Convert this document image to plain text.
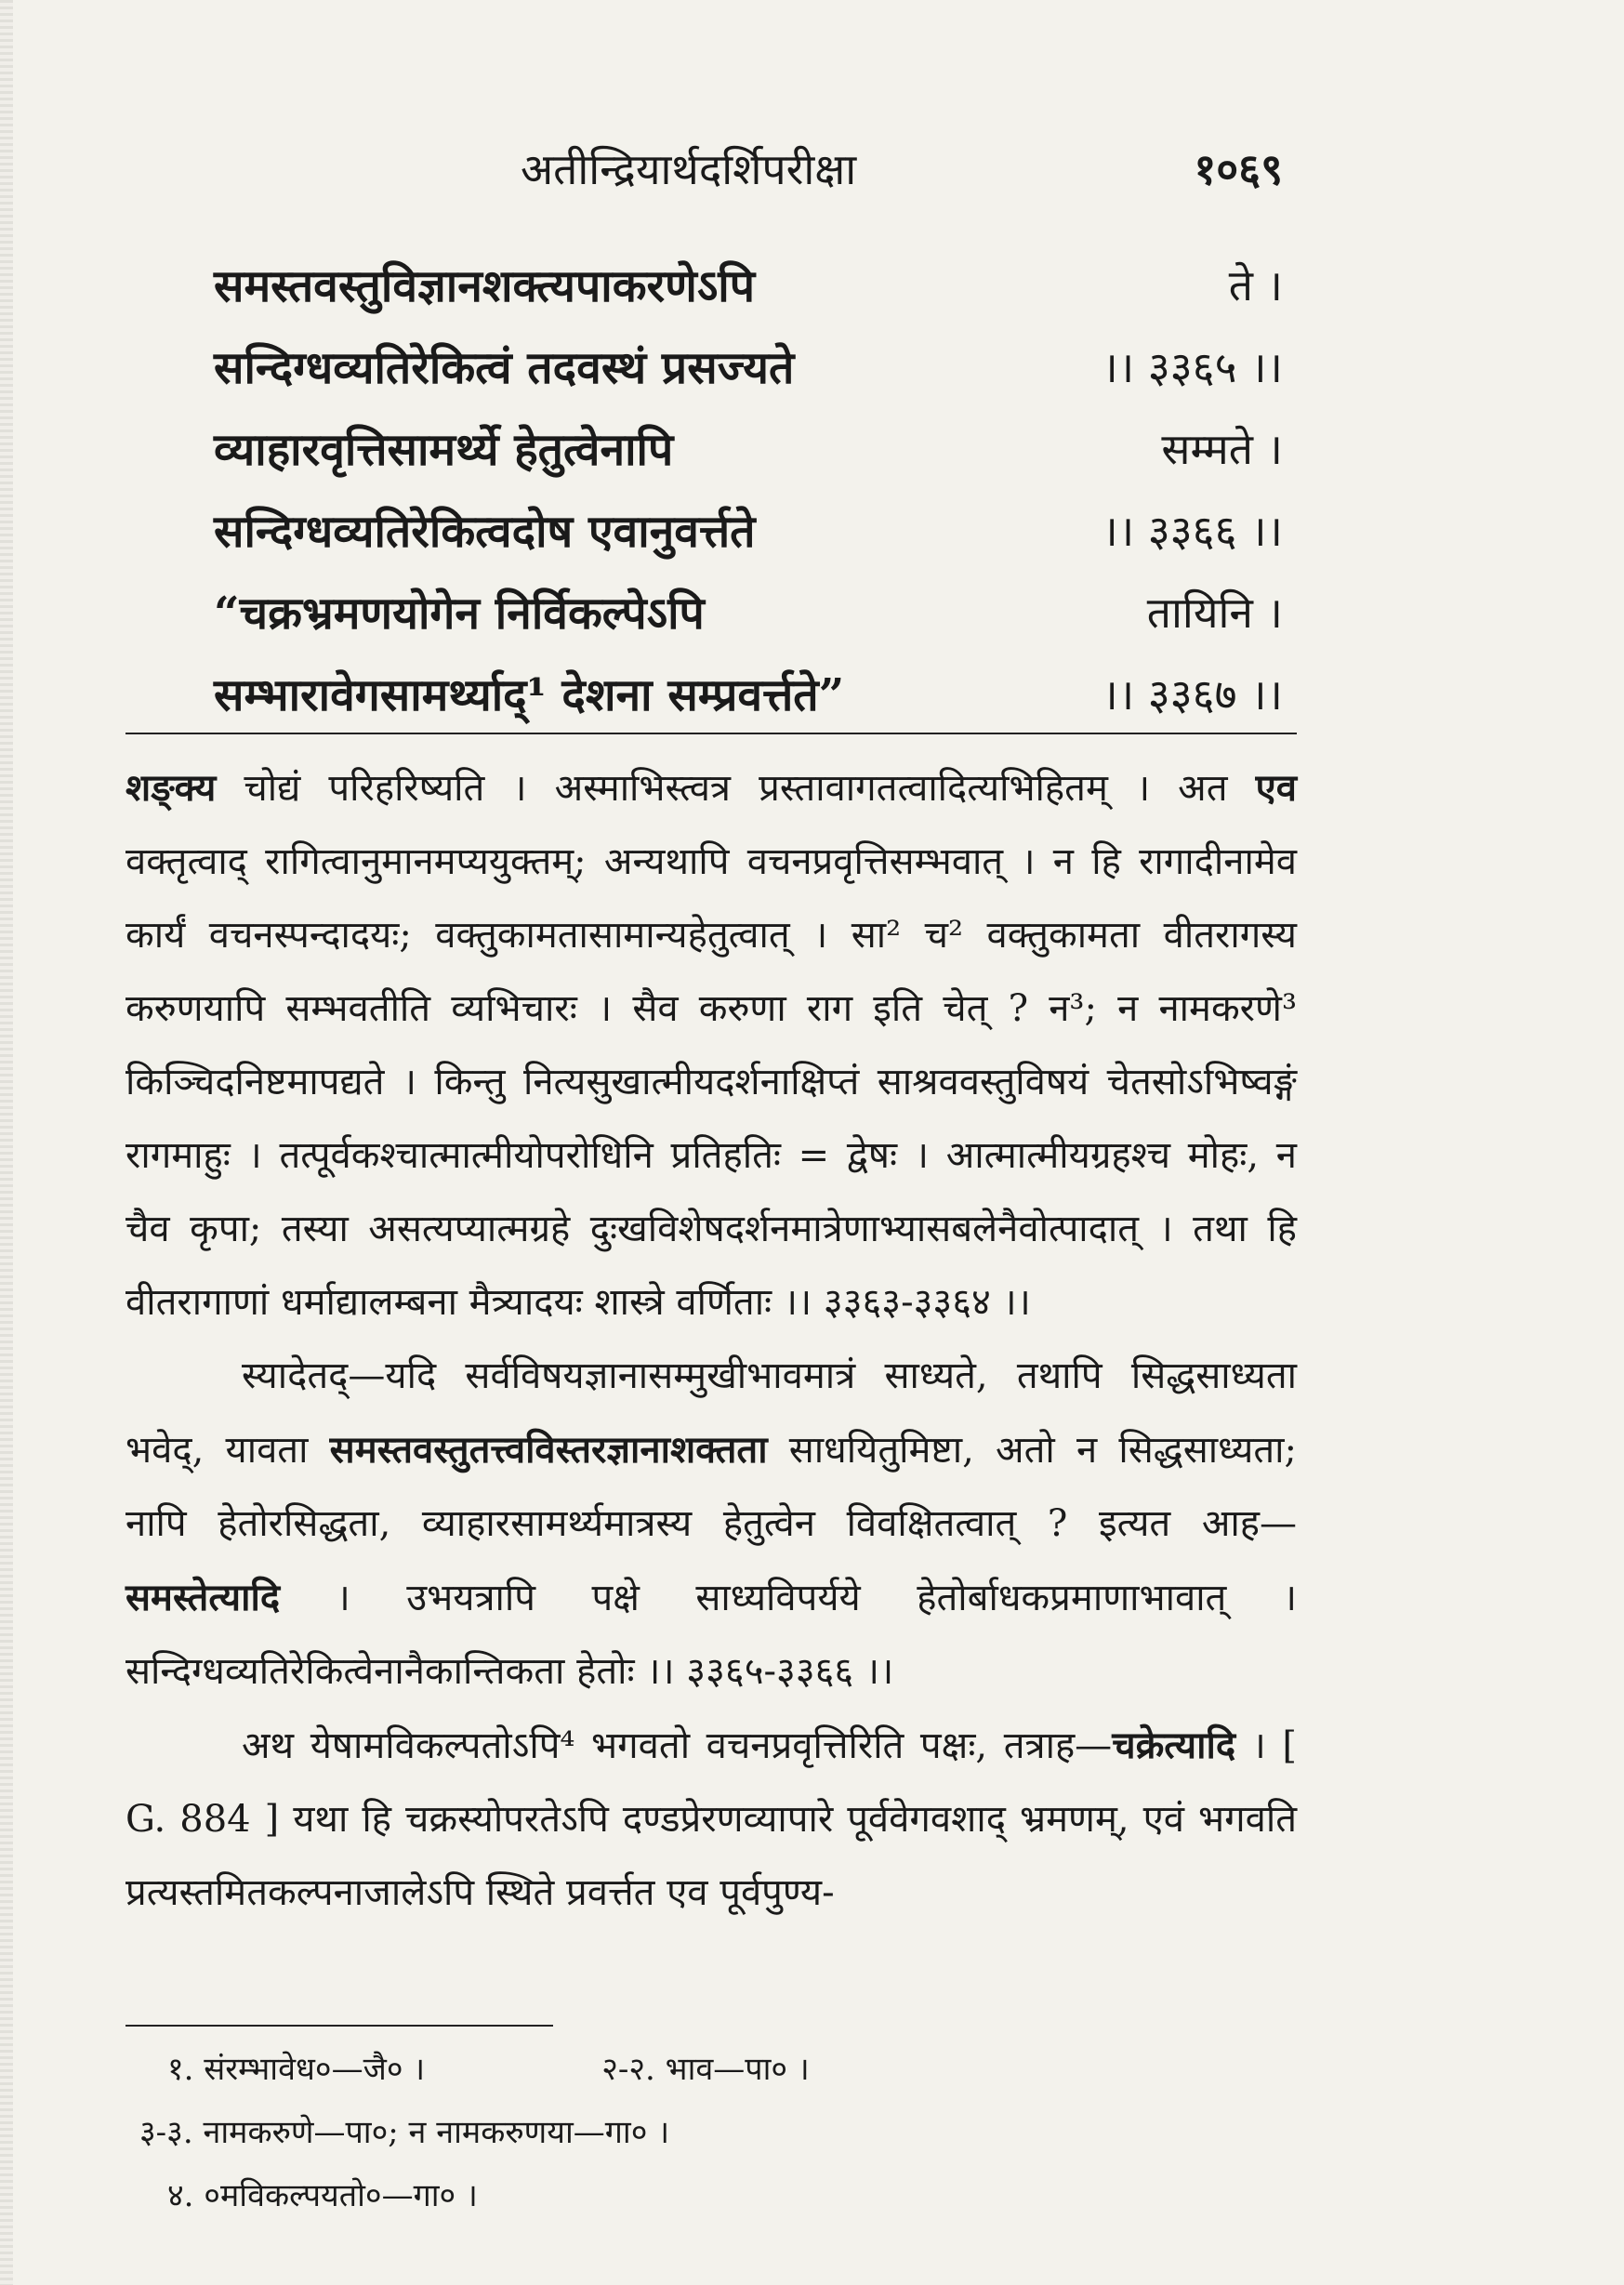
अतीन्द्रियार्थदर्शिपरीक्षा	१०६९
समस्तवस्तुविज्ञानशक्त्यपाकरणेऽपि	ते ।
सन्दिग्धव्यतिरेकित्वं तदवस्थं प्रसज्यते	।। ३३६५ ।।
व्याहारवृत्तिसामर्थ्ये हेतुत्वेनापि	सम्मते ।
सन्दिग्धव्यतिरेकित्वदोष एवानुवर्त्तते	।। ३३६६ ।।
“चक्रभ्रमणयोगेन निर्विकल्पेऽपि	तायिनि ।
सम्भारावेगसामर्थ्याद्¹ देशना सम्प्रवर्त्तते”	।। ३३६७ ।।

शङ्क्य चोद्यं परिहरिष्यति । अस्माभिस्त्वत्र प्रस्तावागतत्वादित्यभिहितम् । अत एव वक्तृत्वाद् रागित्वानुमानमप्ययुक्तम्; अन्यथापि वचनप्रवृत्तिसम्भवात् । न हि रागादीनामेव कार्यं वचनस्पन्दादयः; वक्तुकामतासामान्यहेतुत्वात् । सा² च² वक्तुकामता वीतरागस्य करुणयापि सम्भवतीति व्यभिचारः । सैव करुणा राग इति चेत् ? न³; न नामकरणे³ किञ्चिदनिष्टमापद्यते । किन्तु नित्यसुखात्मीयदर्शनाक्षिप्तं साश्रववस्तुविषयं चेतसोऽभिष्वङ्गं रागमाहुः । तत्पूर्वकश्चात्मात्मीयोपरोधिनि प्रतिहतिः = द्वेषः । आत्मात्मीयग्रहश्च मोहः, न चैव कृपा; तस्या असत्यप्यात्मग्रहे दुःखविशेषदर्शनमात्रेणाभ्यासबलेनैवोत्पादात् । तथा हि वीतरागाणां धर्माद्यालम्बना मैत्र्यादयः शास्त्रे वर्णिताः ।। ३३६३-३३६४ ।।

स्यादेतद्—यदि सर्वविषयज्ञानासम्मुखीभावमात्रं साध्यते, तथापि सिद्धसाध्यता भवेद्, यावता समस्तवस्तुतत्त्वविस्तरज्ञानाशक्तता साधयितुमिष्टा, अतो न सिद्धसाध्यता; नापि हेतोरसिद्धता, व्याहारसामर्थ्यमात्रस्य हेतुत्वेन विवक्षितत्वात् ? इत्यत आह—समस्तेत्यादि । उभयत्रापि पक्षे साध्यविपर्यये हेतोर्बाधकप्रमाणाभावात् । सन्दिग्धव्यतिरेकित्वेनानैकान्तिकता हेतोः ।। ३३६५-३३६६ ।।

अथ येषामविकल्पतोऽपि⁴ भगवतो वचनप्रवृत्तिरिति पक्षः, तत्राह—चक्रेत्यादि । [ G. 884 ] यथा हि चक्रस्योपरतेऽपि दण्डप्रेरणव्यापारे पूर्ववेगवशाद् भ्रमणम्, एवं भगवति प्रत्यस्तमितकल्पनाजालेऽपि स्थिते प्रवर्त्तत एव पूर्वपुण्य-

१. संरम्भावेध०—जै० ।	२-२. भाव—पा० ।
३-३. नामकरुणे—पा०; न नामकरुणया—गा० ।
४. ०मविकल्पयतो०—गा० ।
